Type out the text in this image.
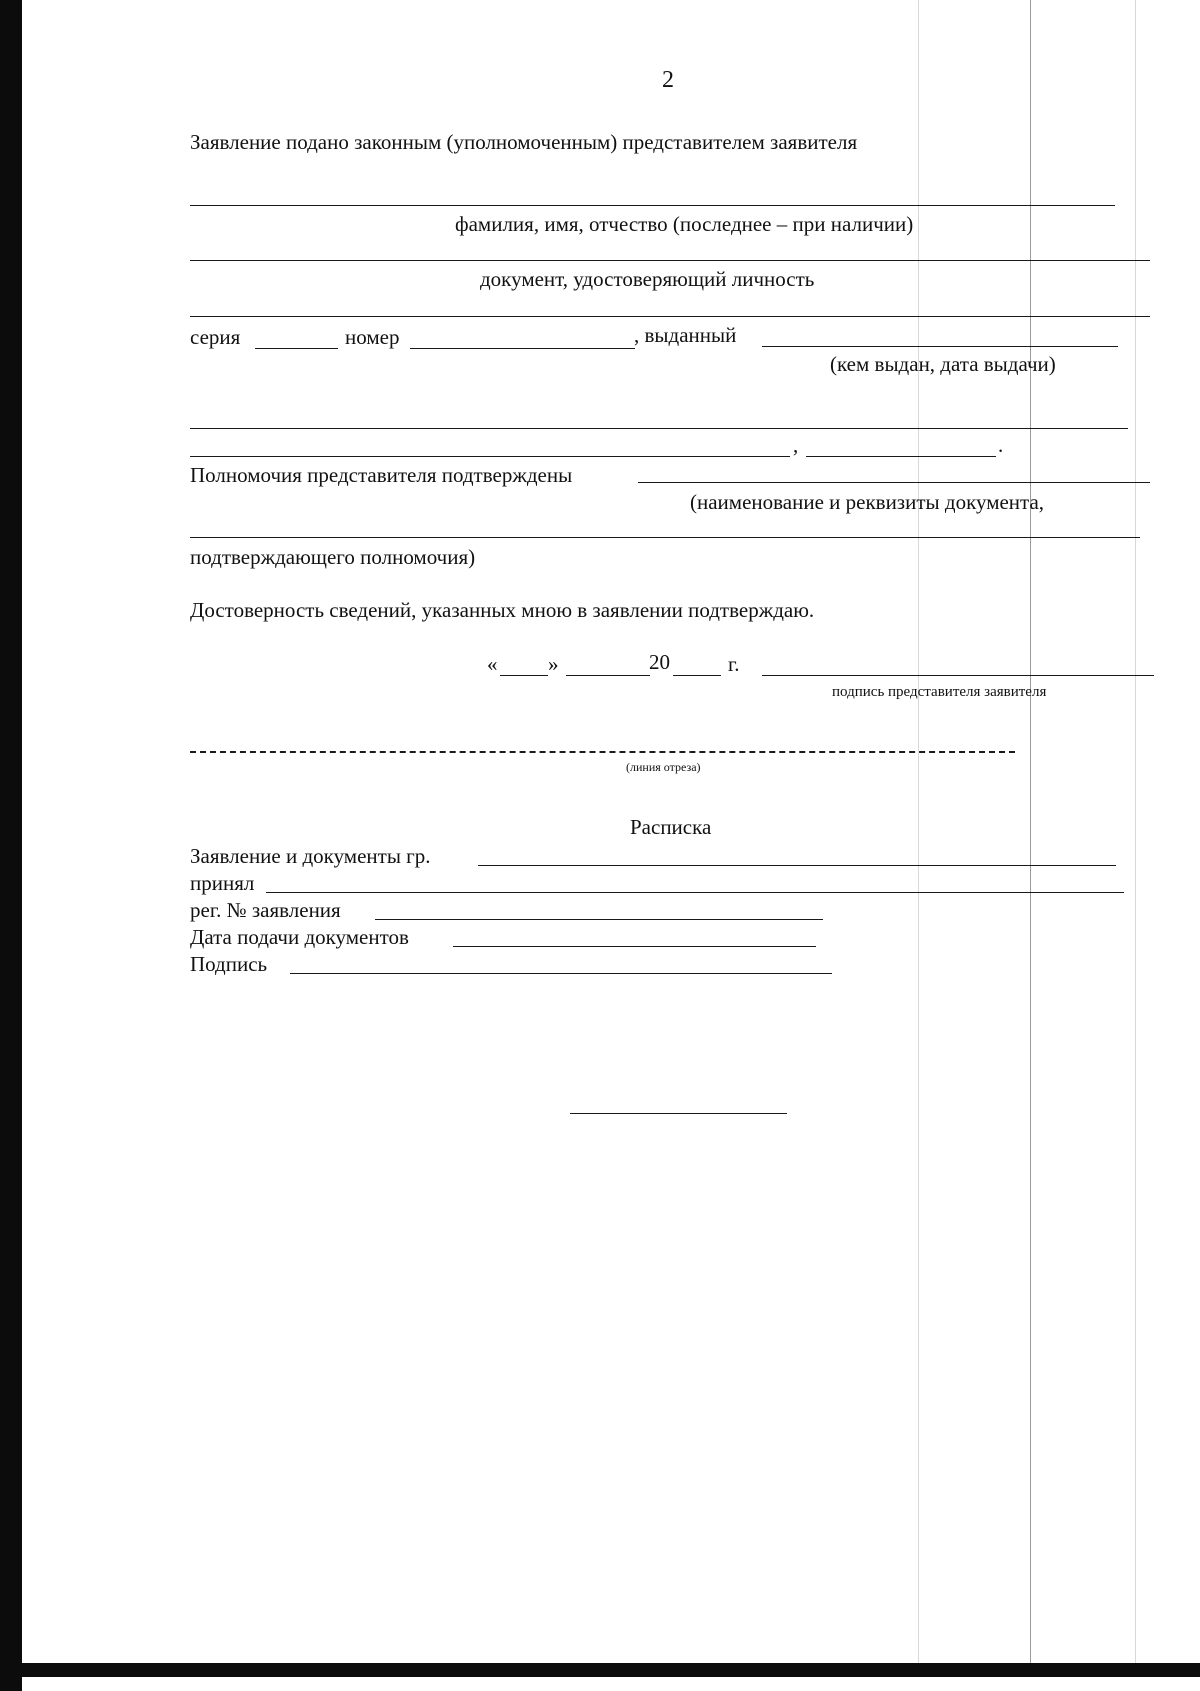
2
Заявление подано законным (уполномоченным) представителем заявителя
фамилия, имя, отчество (последнее – при наличии)
документ, удостоверяющий личность
серия	номер	, выданный
(кем выдан, дата выдачи)
,	.
Полномочия представителя подтверждены
(наименование и реквизиты документа,
подтверждающего полномочия)
Достоверность сведений, указанных мною в заявлении подтверждаю.
« »	20	г.
подпись представителя заявителя
(линия отреза)
Расписка
Заявление и документы гр.
принял
рег. № заявления
Дата подачи документов
Подпись
